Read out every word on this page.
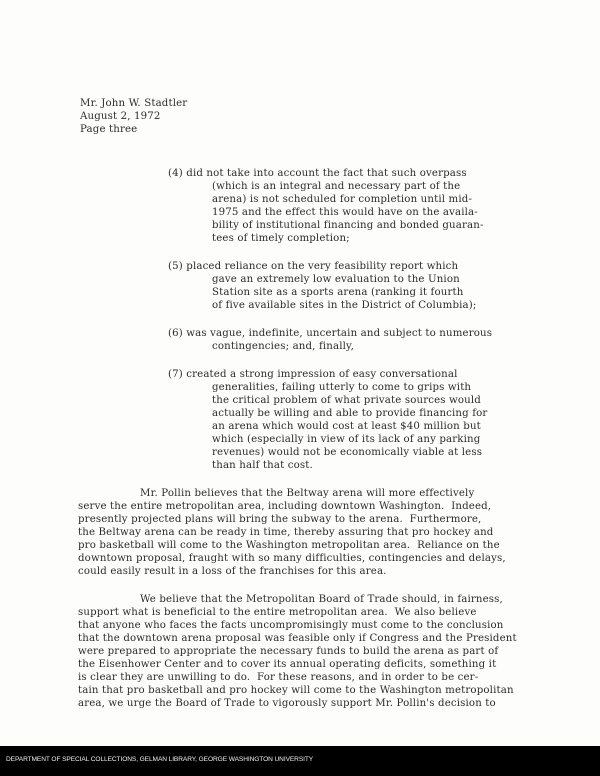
Mr. John W. Stadtler
August 2, 1972
Page three
(4) did not take into account the fact that such overpass
(which is an integral and necessary part of the
arena) is not scheduled for completion until mid-
1975 and the effect this would have on the availa-
bility of institutional financing and bonded guaran-
tees of timely completion;
(5) placed reliance on the very feasibility report which
gave an extremely low evaluation to the Union
Station site as a sports arena (ranking it fourth
of five available sites in the District of Columbia);
(6) was vague, indefinite, uncertain and subject to numerous
contingencies; and, finally,
(7) created a strong impression of easy conversational
generalities, failing utterly to come to grips with
the critical problem of what private sources would
actually be willing and able to provide financing for
an arena which would cost at least $40 million but
which (especially in view of its lack of any parking
revenues) would not be economically viable at less
than half that cost.
Mr. Pollin believes that the Beltway arena will more effectively
serve the entire metropolitan area, including downtown Washington.  Indeed,
presently projected plans will bring the subway to the arena.  Furthermore,
the Beltway arena can be ready in time, thereby assuring that pro hockey and
pro basketball will come to the Washington metropolitan area.  Reliance on the
downtown proposal, fraught with so many difficulties, contingencies and delays,
could easily result in a loss of the franchises for this area.
We believe that the Metropolitan Board of Trade should, in fairness,
support what is beneficial to the entire metropolitan area.  We also believe
that anyone who faces the facts uncompromisingly must come to the conclusion
that the downtown arena proposal was feasible only if Congress and the President
were prepared to appropriate the necessary funds to build the arena as part of
the Eisenhower Center and to cover its annual operating deficits, something it
is clear they are unwilling to do.  For these reasons, and in order to be cer-
tain that pro basketball and pro hockey will come to the Washington metropolitan
area, we urge the Board of Trade to vigorously support Mr. Pollin's decision to
DEPARTMENT OF SPECIAL COLLECTIONS, GELMAN LIBRARY, GEORGE WASHINGTON UNIVERSITY
